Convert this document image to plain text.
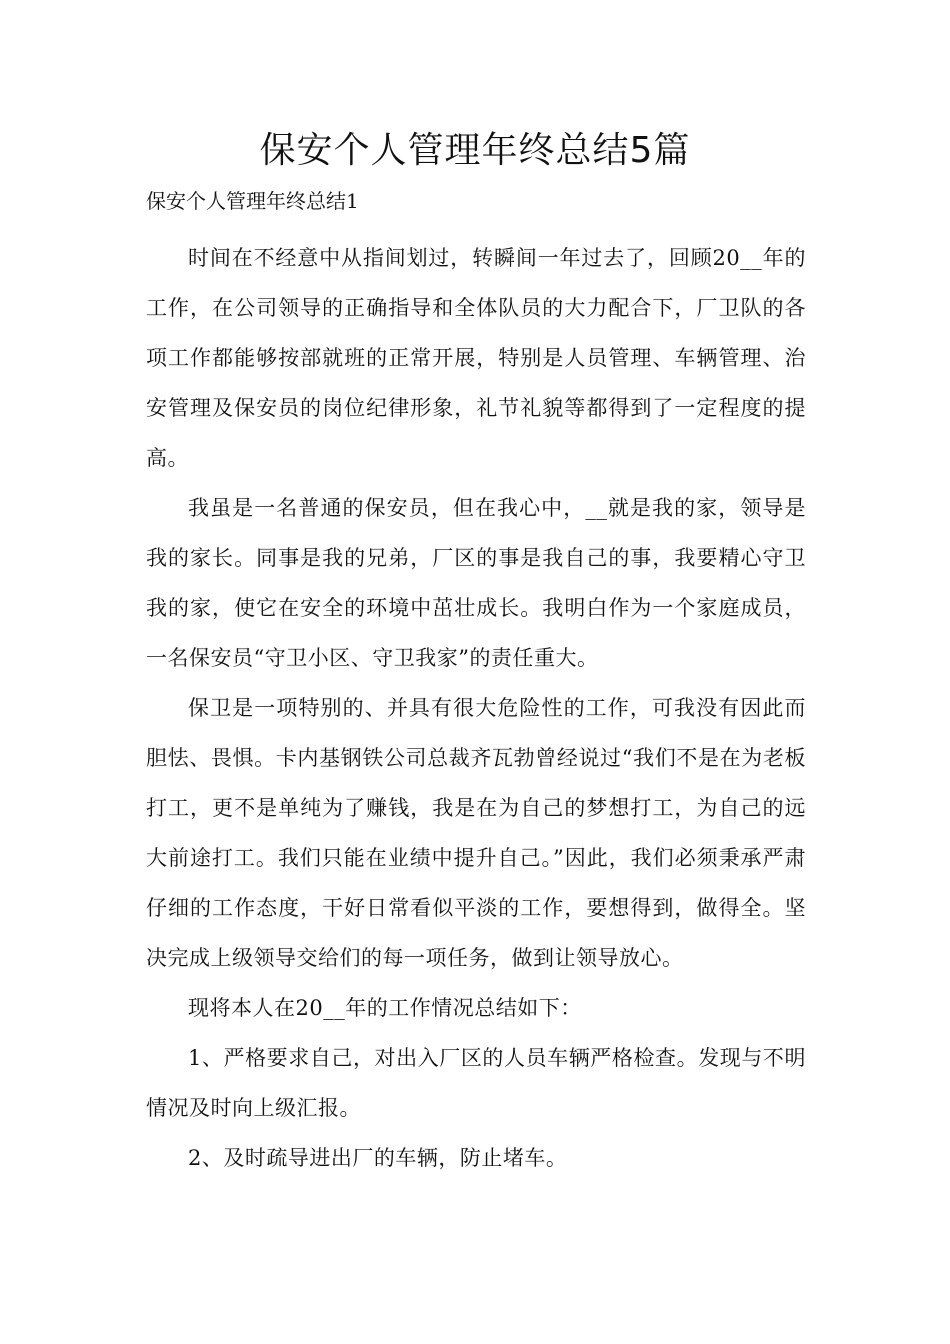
保安个人管理年终总结5篇
保安个人管理年终总结1

时间在不经意中从指间划过，转瞬间一年过去了，回顾20__年的工作，在公司领导的正确指导和全体队员的大力配合下，厂卫队的各项工作都能够按部就班的正常开展，特别是人员管理、车辆管理、治安管理及保安员的岗位纪律形象，礼节礼貌等都得到了一定程度的提高。

我虽是一名普通的保安员，但在我心中，__就是我的家，领导是我的家长。同事是我的兄弟，厂区的事是我自己的事，我要精心守卫我的家，使它在安全的环境中茁壮成长。我明白作为一个家庭成员，一名保安员“守卫小区、守卫我家”的责任重大。

保卫是一项特别的、并具有很大危险性的工作，可我没有因此而胆怯、畏惧。卡内基钢铁公司总裁齐瓦勃曾经说过“我们不是在为老板打工，更不是单纯为了赚钱，我是在为自己的梦想打工，为自己的远大前途打工。我们只能在业绩中提升自己。”因此，我们必须秉承严肃仔细的工作态度，干好日常看似平淡的工作，要想得到，做得全。坚决完成上级领导交给们的每一项任务，做到让领导放心。

现将本人在20__年的工作情况总结如下：

1、严格要求自己，对出入厂区的人员车辆严格检查。发现与不明情况及时向上级汇报。

2、及时疏导进出厂的车辆，防止堵车。
